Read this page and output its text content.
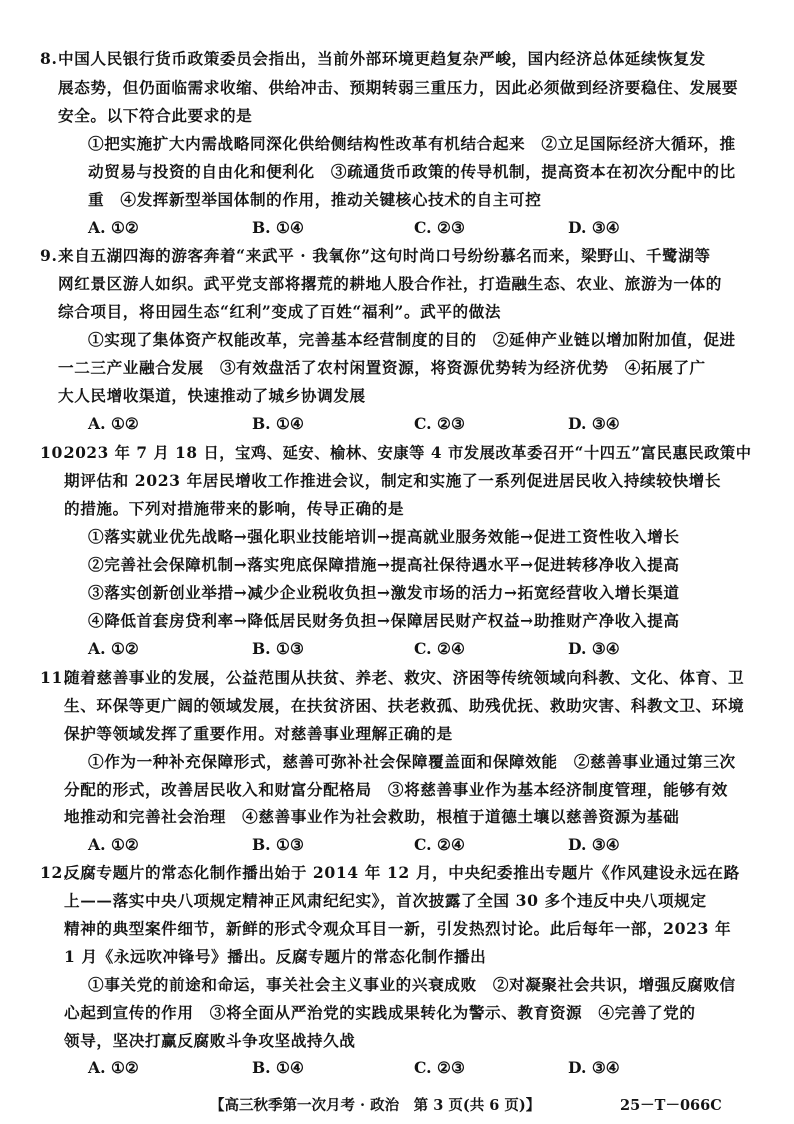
8. 中国人民银行货币政策委员会指出，当前外部环境更趋复杂严峻，国内经济总体延续恢复发
展态势，但仍面临需求收缩、供给冲击、预期转弱三重压力，因此必须做到经济要稳住、发展要
安全。以下符合此要求的是
①把实施扩大内需战略同深化供给侧结构性改革有机结合起来　②立足国际经济大循环，推
动贸易与投资的自由化和便利化　③疏通货币政策的传导机制，提高资本在初次分配中的比
重　④发挥新型举国体制的作用，推动关键核心技术的自主可控
A. ①②	B. ①④	C. ②③	D. ③④
9. 来自五湖四海的游客奔着“来武平 · 我氧你”这句时尚口号纷纷慕名而来，梁野山、千鹭湖等
网红景区游人如织。武平党支部将撂荒的耕地人股合作社，打造融生态、农业、旅游为一体的
综合项目，将田园生态“红利”变成了百姓“福利”。武平的做法
①实现了集体资产权能改革，完善基本经营制度的目的　②延伸产业链以增加附加值，促进
一二三产业融合发展　③有效盘活了农村闲置资源，将资源优势转为经济优势　④拓展了广
大人民增收渠道，快速推动了城乡协调发展
A. ①②	B. ①④	C. ②③	D. ③④
10.
2023 年 7 月 18 日，宝鸡、延安、榆林、安康等 4 市发展改革委召开“十四五”富民惠民政策中
期评估和 2023 年居民增收工作推进会议，制定和实施了一系列促进居民收入持续较快增长
的措施。下列对措施带来的影响，传导正确的是
①落实就业优先战略→强化职业技能培训→提高就业服务效能→促进工资性收入增长
②完善社会保障机制→落实兜底保障措施→提高社保待遇水平→促进转移净收入提高
③落实创新创业举措→减少企业税收负担→激发市场的活力→拓宽经营收入增长渠道
④降低首套房贷利率→降低居民财务负担→保障居民财产权益→助推财产净收入提高
A. ①②	B. ①③	C. ②④	D. ③④
11.
随着慈善事业的发展，公益范围从扶贫、养老、救灾、济困等传统领域向科教、文化、体育、卫
生、环保等更广阔的领域发展，在扶贫济困、扶老救孤、助残优抚、救助灾害、科教文卫、环境
保护等领域发挥了重要作用。对慈善事业理解正确的是
①作为一种补充保障形式，慈善可弥补社会保障覆盖面和保障效能　②慈善事业通过第三次
分配的形式，改善居民收入和财富分配格局　③将慈善事业作为基本经济制度管理，能够有效
地推动和完善社会治理　④慈善事业作为社会救助，根植于道德土壤以慈善资源为基础
A. ①②	B. ①③	C. ②④	D. ③④
12.
反腐专题片的常态化制作播出始于 2014 年 12 月，中央纪委推出专题片《作风建设永远在路
上——落实中央八项规定精神正风肃纪纪实》，首次披露了全国 30 多个违反中央八项规定
精神的典型案件细节，新鲜的形式令观众耳目一新，引发热烈讨论。此后每年一部，2023 年
1 月《永远吹冲锋号》播出。反腐专题片的常态化制作播出
①事关党的前途和命运，事关社会主义事业的兴衰成败　②对凝聚社会共识，增强反腐败信
心起到宣传的作用　③将全面从严治党的实践成果转化为警示、教育资源　④完善了党的
领导，坚决打赢反腐败斗争攻坚战持久战
A. ①②	B. ①④	C. ②③	D. ③④
【高三秋季第一次月考 · 政治　第 3 页(共 6 页)】	25－T－066C
